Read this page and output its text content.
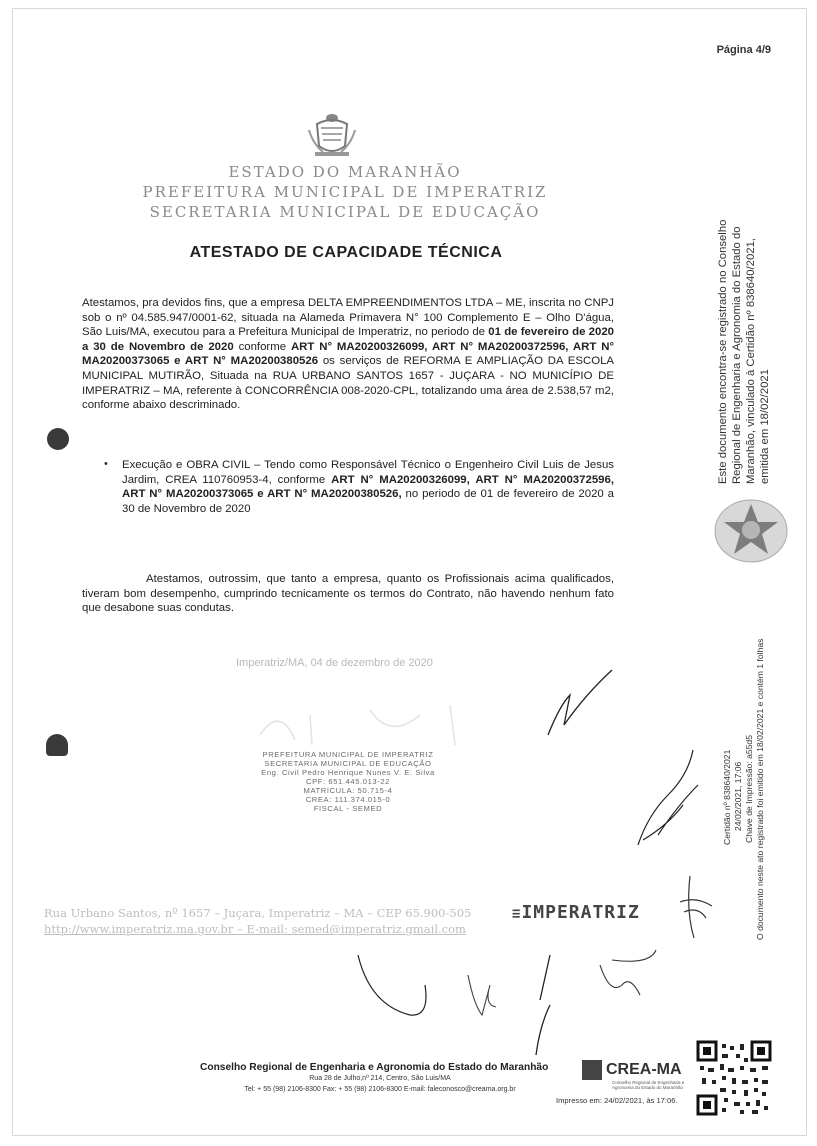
Página 4/9
ESTADO DO MARANHÃO
PREFEITURA MUNICIPAL DE IMPERATRIZ
SECRETARIA MUNICIPAL DE EDUCAÇÃO
ATESTADO DE CAPACIDADE TÉCNICA
Atestamos, pra devidos fins, que a empresa DELTA EMPREENDIMENTOS LTDA – ME, inscrita no CNPJ sob o nº 04.585.947/0001-62, situada na Alameda Primavera N° 100 Complemento E – Olho D'água, São Luis/MA, executou para a Prefeitura Municipal de Imperatriz, no periodo de 01 de fevereiro de 2020 a 30 de Novembro de 2020 conforme ART N° MA20200326099, ART N° MA20200372596, ART N° MA20200373065 e ART N° MA20200380526 os serviços de REFORMA E AMPLIAÇÃO DA ESCOLA MUNICIPAL MUTIRÃO, Situada na RUA URBANO SANTOS 1657 - JUÇARA - NO MUNICÍPIO DE IMPERATRIZ – MA, referente à CONCORRÊNCIA 008-2020-CPL, totalizando uma área de 2.538,57 m2, conforme abaixo descriminado.
• Execução e OBRA CIVIL – Tendo como Responsável Técnico o Engenheiro Civil Luis de Jesus Jardim, CREA 110760953-4, conforme ART N° MA20200326099, ART N° MA20200372596, ART N° MA20200373065 e ART N° MA20200380526, no periodo de 01 de fevereiro de 2020 a 30 de Novembro de 2020
Atestamos, outrossim, que tanto a empresa, quanto os Profissionais acima qualificados, tiveram bom desempenho, cumprindo tecnicamente os termos do Contrato, não havendo nenhum fato que desabone suas condutas.
Imperatriz/MA, 04 de dezembro de 2020
PREFEITURA MUNICIPAL DE IMPERATRIZ
SECRETARIA MUNICIPAL DE EDUCAÇÃO
Eng. Civil Pedro Henrique Nunes V. E. Silva
CPF: 651.445.013-22
MATRICULA: 50.715-4
CREA: 111.374.015-0
FISCAL - SEMED
Rua Urbano Santos, nº 1657 – Juçara, Imperatriz – MA – CEP 65.900-505
http://www.imperatriz.ma.gov.br – E-mail: semed@imperatriz.gmail.com
≡IMPERATRIZ
Este documento encontra-se registrado no Conselho Regional de Engenharia e Agronomia do Estado do Maranhão, vinculado à Certidão nº 838640/2021, emitida em 18/02/2021
Certidão nº 838640/2021 24/02/2021, 17:06 Chave de Impressão: a55d5 O documento neste ato registrado foi emitido em 18/02/2021 e contém 1 folhas
Conselho Regional de Engenharia e Agronomia do Estado do Maranhão
Rua 28 de Julho,nº 214, Centro, São Luis/MA
Tel: + 55 (98) 2106-8300 Fax: + 55 (98) 2106-8300 E-mail: faleconosco@creama.org.br
CREA-MA
Conselho Regional de Engenharia e
Agronomia do Estado do Maranhão
Impresso em: 24/02/2021, às 17:06.
